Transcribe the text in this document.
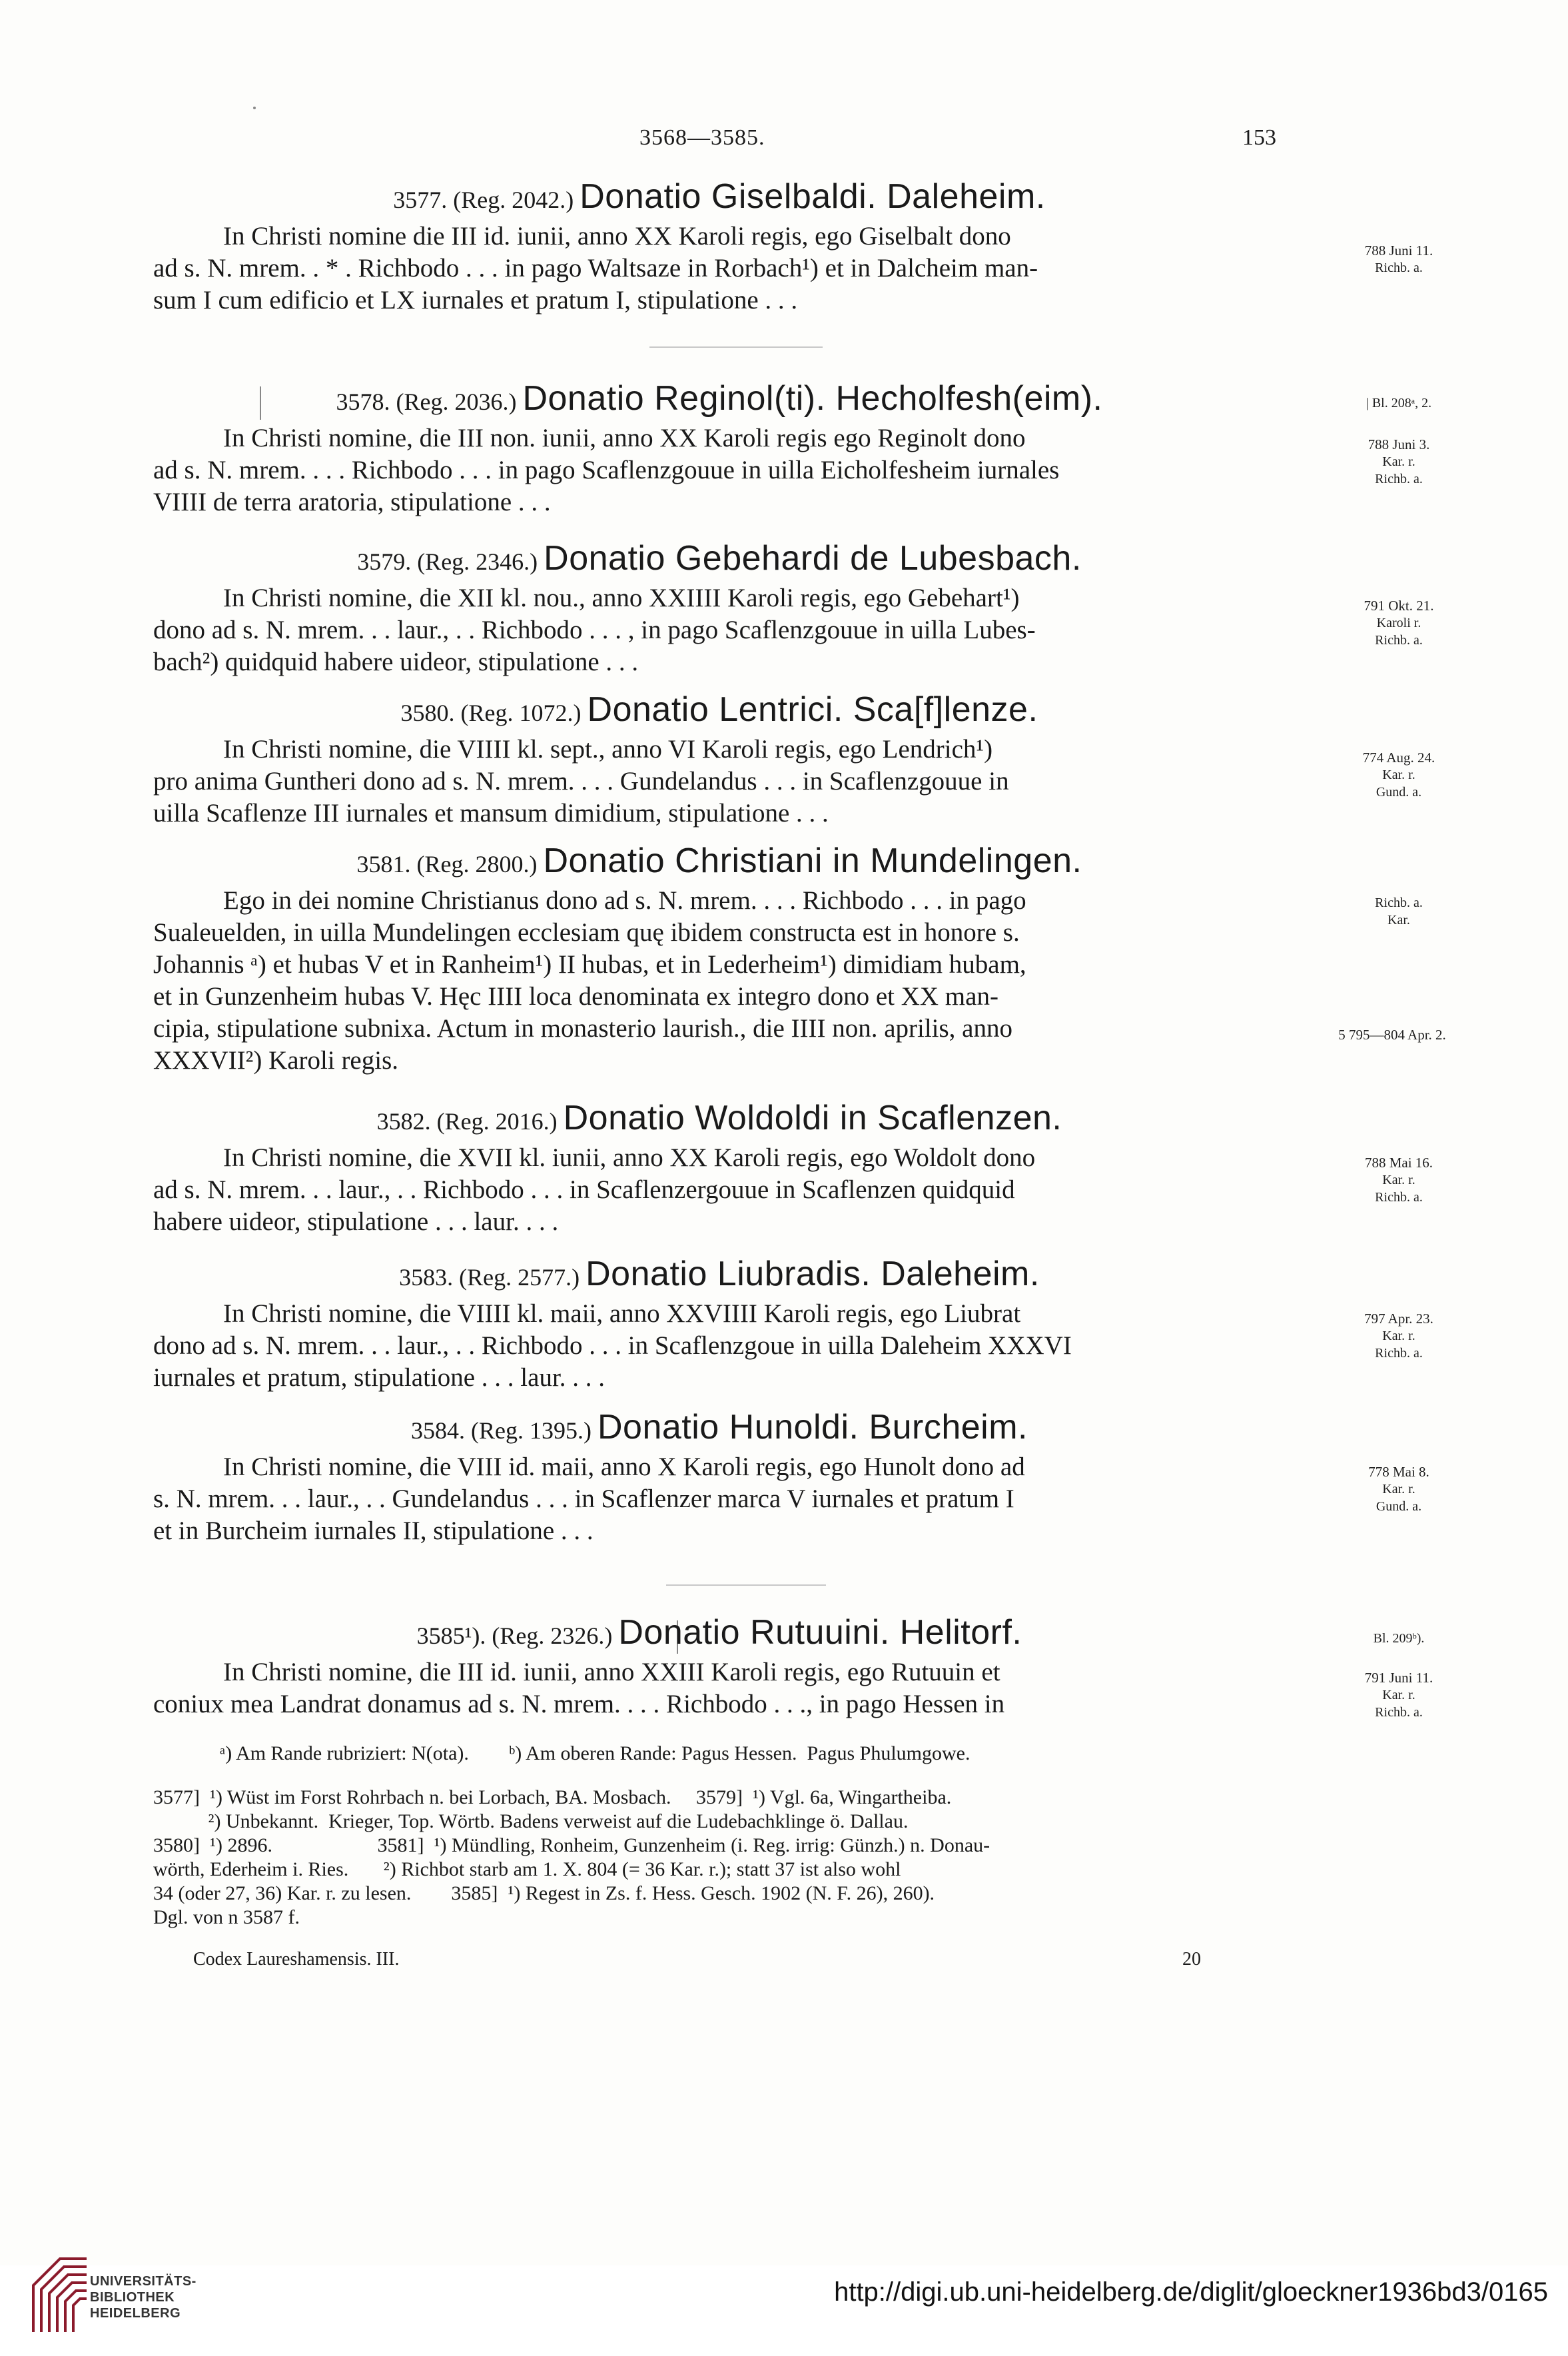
3568—3585.	153
3577. (Reg. 2042.) Donatio Giselbaldi. Daleheim.
In Christi nomine die III id. iunii, anno XX Karoli regis, ego Giselbalt dono
ad s. N. mrem. . * . Richbodo . . . in pago Waltsaze in Rorbach¹) et in Dalcheim man-
sum I cum edificio et LX iurnales et pratum I, stipulatione . . .
788 Juni 11.
Richb. a.
3578. (Reg. 2036.) Donatio Reginol(ti). Hecholfesh(eim).
In Christi nomine, die III non. iunii, anno XX Karoli regis ego Reginolt dono
ad s. N. mrem. . . . Richbodo . . . in pago Scaflenzgouue in uilla Eicholfesheim iurnales
VIIII de terra aratoria, stipulatione . . .
| Bl. 208ᵃ, 2.
788 Juni 3.
Kar. r.
Richb. a.
3579. (Reg. 2346.) Donatio Gebehardi de Lubesbach.
In Christi nomine, die XII kl. nou., anno XXIIII Karoli regis, ego Gebehart¹)
dono ad s. N. mrem. . . laur., . . Richbodo . . . , in pago Scaflenzgouue in uilla Lubes-
bach²) quidquid habere uideor, stipulatione . . .
791 Okt. 21.
Karoli r.
Richb. a.
3580. (Reg. 1072.) Donatio Lentrici. Sca[f]lenze.
In Christi nomine, die VIIII kl. sept., anno VI Karoli regis, ego Lendrich¹)
pro anima Guntheri dono ad s. N. mrem. . . . Gundelandus . . . in Scaflenzgouue in
uilla Scaflenze III iurnales et mansum dimidium, stipulatione . . .
774 Aug. 24.
Kar. r.
Gund. a.
3581. (Reg. 2800.) Donatio Christiani in Mundelingen.
Ego in dei nomine Christianus dono ad s. N. mrem. . . . Richbodo . . . in pago
Sualeuelden, in uilla Mundelingen ecclesiam quę ibidem constructa est in honore s.
Johannis ᵃ) et hubas V et in Ranheim¹) II hubas, et in Lederheim¹) dimidiam hubam,
et in Gunzenheim hubas V. Hęc IIII loca denominata ex integro dono et XX man-
cipia, stipulatione subnixa. Actum in monasterio laurish., die IIII non. aprilis, anno
XXXVII²) Karoli regis.
Richb. a.
Kar.
5 795—804 Apr. 2.
3582. (Reg. 2016.) Donatio Woldoldi in Scaflenzen.
In Christi nomine, die XVII kl. iunii, anno XX Karoli regis, ego Woldolt dono
ad s. N. mrem. . . laur., . . Richbodo . . . in Scaflenzergouue in Scaflenzen quidquid
habere uideor, stipulatione . . . laur. . . .
788 Mai 16.
Kar. r.
Richb. a.
3583. (Reg. 2577.) Donatio Liubradis. Daleheim.
In Christi nomine, die VIIII kl. maii, anno XXVIIII Karoli regis, ego Liubrat
dono ad s. N. mrem. . . laur., . . Richbodo . . . in Scaflenzgoue in uilla Daleheim XXXVI
iurnales et pratum, stipulatione . . . laur. . . .
797 Apr. 23.
Kar. r.
Richb. a.
3584. (Reg. 1395.) Donatio Hunoldi. Burcheim.
In Christi nomine, die VIII id. maii, anno X Karoli regis, ego Hunolt dono ad
s. N. mrem. . . laur., . . Gundelandus . . . in Scaflenzer marca V iurnales et pratum I
et in Burcheim iurnales II, stipulatione . . .
778 Mai 8.
Kar. r.
Gund. a.
3585¹). (Reg. 2326.) Donatio Rutuuini. Helitorf.
In Christi nomine, die III id. iunii, anno XXIII Karoli regis, ego Rutuuin et
coniux mea Landrat donamus ad s. N. mrem. . . . Richbodo . . ., in pago Hessen in
Bl. 209ᵇ).
791 Juni 11.
Kar. r.
Richb. a.
ᵃ) Am Rande rubriziert: N(ota).        ᵇ) Am oberen Rande: Pagus Hessen.  Pagus Phulumgowe.
3577]  ¹) Wüst im Forst Rohrbach n. bei Lorbach, BA. Mosbach.     3579]  ¹) Vgl. 6a, Wingartheiba.
²) Unbekannt.  Krieger, Top. Wörtb. Badens verweist auf die Ludebachklinge ö. Dallau.
3580]  ¹) 2896.                     3581]  ¹) Mündling, Ronheim, Gunzenheim (i. Reg. irrig: Günzh.) n. Donau-
wörth, Ederheim i. Ries.       ²) Richbot starb am 1. X. 804 (= 36 Kar. r.); statt 37 ist also wohl
34 (oder 27, 36) Kar. r. zu lesen.        3585]  ¹) Regest in Zs. f. Hess. Gesch. 1902 (N. F. 26), 260).
Dgl. von n 3587 f.
Codex Laureshamensis. III.	20
UNIVERSITÄTS-
BIBLIOTHEK
HEIDELBERG
http://digi.ub.uni-heidelberg.de/diglit/gloeckner1936bd3/0165
